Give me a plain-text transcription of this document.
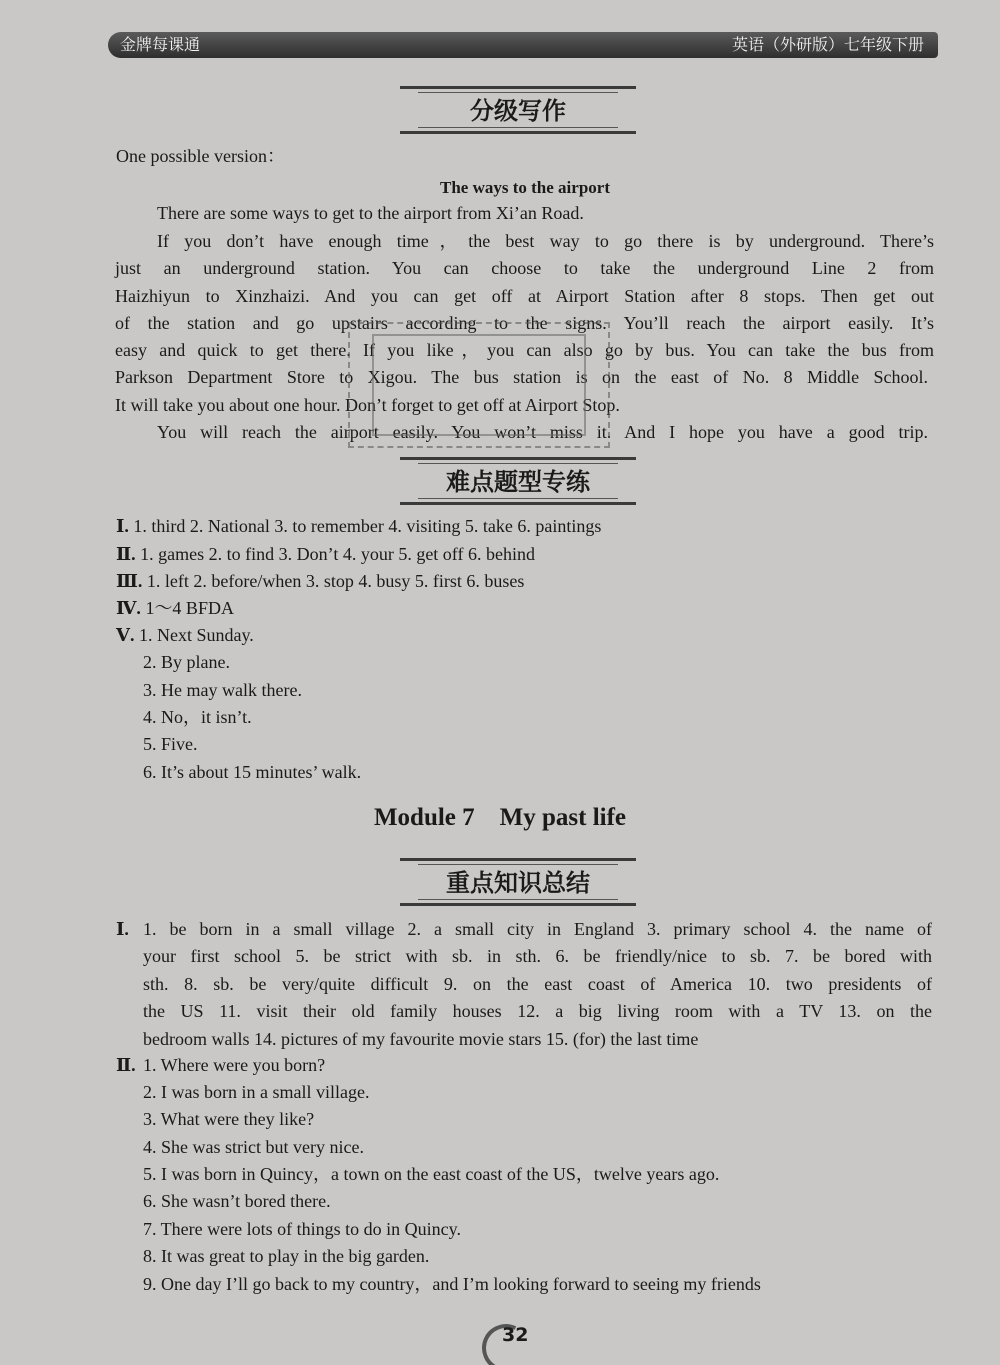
金牌每课通	英语（外研版）七年级下册
分级写作
One possible version：
The ways to the airport
There are some ways to get to the airport from Xi’an Road.
If you don’t have enough time，the best way to go there is by underground. There’s
just an underground station. You can choose to take the underground Line 2 from
Haizhiyun to Xinzhaizi. And you can get off at Airport Station after 8 stops. Then get out
of the station and go upstairs according to the signs. You’ll reach the airport easily. It’s
easy and quick to get there. If you like，you can also go by bus. You can take the bus from
Parkson Department Store to Xigou. The bus station is on the east of No. 8 Middle School.
It will take you about one hour. Don’t forget to get off at Airport Stop.
You will reach the airport easily. You won’t miss it. And I hope you have a good trip.
难点题型专练
Ⅰ. 1. third 2. National 3. to remember 4. visiting 5. take 6. paintings
Ⅱ. 1. games 2. to find 3. Don’t 4. your 5. get off 6. behind
Ⅲ. 1. left 2. before/when 3. stop 4. busy 5. first 6. buses
Ⅳ. 1～4 BFDA
Ⅴ. 1. Next Sunday.
2. By plane.
3. He may walk there.
4. No，it isn’t.
5. Five.
6. It’s about 15 minutes’ walk.
Module 7　My past life
重点知识总结
Ⅰ. 1. be born in a small village 2. a small city in England 3. primary school 4. the name of
your first school 5. be strict with sb. in sth. 6. be friendly/nice to sb. 7. be bored with
sth. 8. sb. be very/quite difficult 9. on the east coast of America 10. two presidents of
the US 11. visit their old family houses 12. a big living room with a TV 13. on the
bedroom walls 14. pictures of my favourite movie stars 15. (for) the last time
Ⅱ. 1. Where were you born?
2. I was born in a small village.
3. What were they like?
4. She was strict but very nice.
5. I was born in Quincy，a town on the east coast of the US，twelve years ago.
6. She wasn’t bored there.
7. There were lots of things to do in Quincy.
8. It was great to play in the big garden.
9. One day I’ll go back to my country，and I’m looking forward to seeing my friends
32
